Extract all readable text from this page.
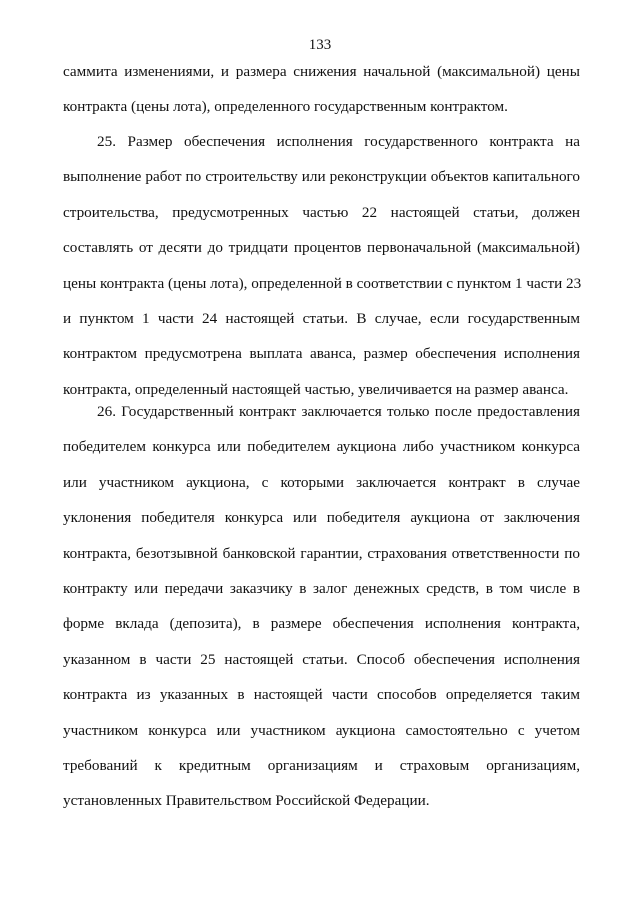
133
саммита изменениями, и размера снижения начальной (максимальной) цены
контракта (цены лота), определенного государственным контрактом.
25. Размер обеспечения исполнения государственного контракта на
выполнение работ по строительству или реконструкции объектов капитального
строительства, предусмотренных частью 22 настоящей статьи, должен
составлять от десяти до тридцати процентов первоначальной (максимальной)
цены контракта (цены лота), определенной в соответствии с пунктом 1 части 23
и пунктом 1 части 24 настоящей статьи. В случае, если государственным
контрактом предусмотрена выплата аванса, размер обеспечения исполнения
контракта, определенный настоящей частью, увеличивается на размер аванса.
26. Государственный контракт заключается только после предоставления
победителем конкурса или победителем аукциона либо участником конкурса
или участником аукциона, с которыми заключается контракт в случае
уклонения победителя конкурса или победителя аукциона от заключения
контракта, безотзывной банковской гарантии, страхования ответственности по
контракту или передачи заказчику в залог денежных средств, в том числе в
форме вклада (депозита), в размере обеспечения исполнения контракта,
указанном в части 25 настоящей статьи. Способ обеспечения исполнения
контракта из указанных в настоящей части способов определяется таким
участником конкурса или участником аукциона самостоятельно с учетом
требований к кредитным организациям и страховым организациям,
установленных Правительством Российской Федерации.
